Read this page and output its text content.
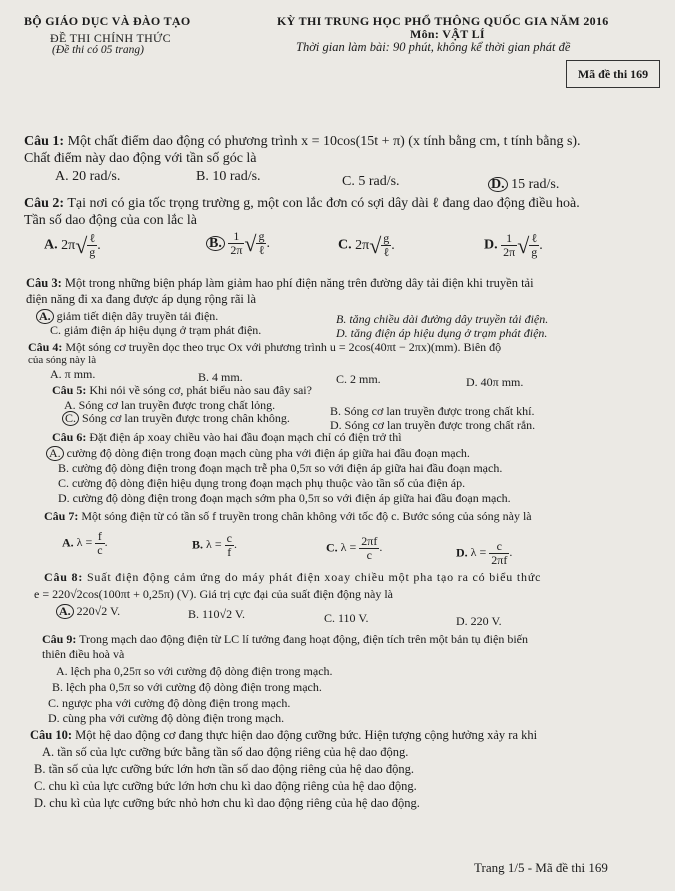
BỘ GIÁO DỤC VÀ ĐÀO TẠO	KỲ THI TRUNG HỌC PHỔ THÔNG QUỐC GIA NĂM 2016
ĐỀ THI CHÍNH THỨC	Môn: VẬT LÍ
(Đề thi có 05 trang)	Thời gian làm bài: 90 phút, không kể thời gian phát đề
Mã đề thi 169
Câu 1: Một chất điểm dao động có phương trình x = 10cos(15t + π) (x tính bằng cm, t tính bằng s).
Chất điểm này dao động với tần số góc là
A. 20 rad/s.	B. 10 rad/s.	C. 5 rad/s.	D. 15 rad/s.
Câu 2: Tại nơi có gia tốc trọng trường g, một con lắc đơn có sợi dây dài ℓ đang dao động điều hoà.
Tần số dao động của con lắc là
A. $2\pi√ \frac{\text{ℓ}}{g}$ .	B. $\frac{1}{2\pi}$ √ $\frac{g}{\text{ℓ}}$ .	C. $2\pi√ \frac{g}{\text{ℓ}}$ .	D. $\frac{1}{2\pi}$ √ $\frac{\text{ℓ}}{g}$ .
Câu 3: Một trong những biện pháp làm giảm hao phí điện năng trên đường dây tải điện khi truyền tải
điện năng đi xa đang được áp dụng rộng rãi là
A. giảm tiết diện dây truyền tải điện.	B. tăng chiều dài đường dây truyền tải điện.
C. giảm điện áp hiệu dụng ở trạm phát điện.	D. tăng điện áp hiệu dụng ở trạm phát điện.
Câu 4: Một sóng cơ truyền dọc theo trục Ox với phương trình u = 2cos(40πt − 2πx)(mm). Biên độ
của sóng này là
A. π mm.	B. 4 mm.	C. 2 mm.	D. 40π mm.
Câu 5: Khi nói về sóng cơ, phát biểu nào sau đây sai?
A. Sóng cơ lan truyền được trong chất lỏng.	B. Sóng cơ lan truyền được trong chất khí.
C. Sóng cơ lan truyền được trong chân không.	D. Sóng cơ lan truyền được trong chất rắn.
Câu 6: Đặt điện áp xoay chiều vào hai đầu đoạn mạch chỉ có điện trở thì
A. cường độ dòng điện trong đoạn mạch cùng pha với điện áp giữa hai đầu đoạn mạch.
B. cường độ dòng điện trong đoạn mạch trễ pha 0,5π so với điện áp giữa hai đầu đoạn mạch.
C. cường độ dòng điện hiệu dụng trong đoạn mạch phụ thuộc vào tần số của điện áp.
D. cường độ dòng điện trong đoạn mạch sớm pha 0,5π so với điện áp giữa hai đầu đoạn mạch.
Câu 7: Một sóng điện từ có tần số f truyền trong chân không với tốc độ c. Bước sóng của sóng này là
A. $\lambda = \frac{f}{c}$ .	B. $\lambda = \frac{c}{f}$ .	C. $\lambda = \frac{2\pi f}{c}$ .	D. $\lambda = \frac{c}{2\pi f}$ .
Câu 8: Suất điện động cảm ứng do máy phát điện xoay chiều một pha tạo ra có biểu thức
e = 220√2cos(100πt + 0,25π) (V). Giá trị cực đại của suất điện động này là
A. 220√2 V.	B. 110√2 V.	C. 110 V.	D. 220 V.
Câu 9: Trong mạch dao động điện từ LC lí tưởng đang hoạt động, điện tích trên một bản tụ điện biến
thiên điều hoà và
A. lệch pha 0,25π so với cường độ dòng điện trong mạch.
B. lệch pha 0,5π so với cường độ dòng điện trong mạch.
C. ngược pha với cường độ dòng điện trong mạch.
D. cùng pha với cường độ dòng điện trong mạch.
Câu 10: Một hệ dao động cơ đang thực hiện dao động cưỡng bức. Hiện tượng cộng hưởng xảy ra khi
A. tần số của lực cưỡng bức bằng tần số dao động riêng của hệ dao động.
B. tần số của lực cưỡng bức lớn hơn tần số dao động riêng của hệ dao động.
C. chu kì của lực cưỡng bức lớn hơn chu kì dao động riêng của hệ dao động.
D. chu kì của lực cưỡng bức nhỏ hơn chu kì dao động riêng của hệ dao động.
Trang 1/5 - Mã đề thi 169
